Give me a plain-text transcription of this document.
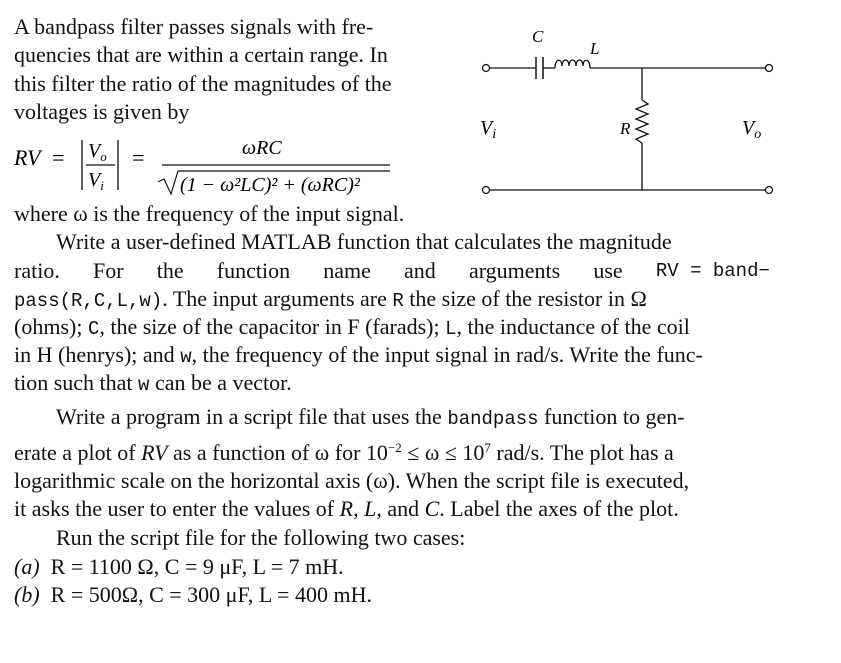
A bandpass filter passes signals with fre-
quencies that are within a certain range. In
this filter the ratio of the magnitudes of the
voltages is given by
RV = $V_o$
$V_i$
=	ωRC
(1 − ω²LC)² + (ωRC)²
C
L
R
$V_i$	$V_o$
where ω is the frequency of the input signal.
Write a user-defined MATLAB function that calculates the magnitude
ratio. For the function name and arguments use RV = band−
pass(R,C,L,w). The input arguments are R the size of the resistor in Ω
(ohms); C, the size of the capacitor in F (farads); L, the inductance of the coil
in H (henrys); and w, the frequency of the input signal in rad/s. Write the func-
tion such that w can be a vector.
Write a program in a script file that uses the bandpass function to gen-
erate a plot of RV as a function of ω for $10^{-2} \le \omega \le 10^7$ rad/s. The plot has a
logarithmic scale on the horizontal axis (ω). When the script file is executed,
it asks the user to enter the values of R, L, and C. Label the axes of the plot.
Run the script file for the following two cases:
(a) R = 1100 Ω, C = 9 μF, L = 7 mH.
(b) R = 500Ω, C = 300 μF, L = 400 mH.
